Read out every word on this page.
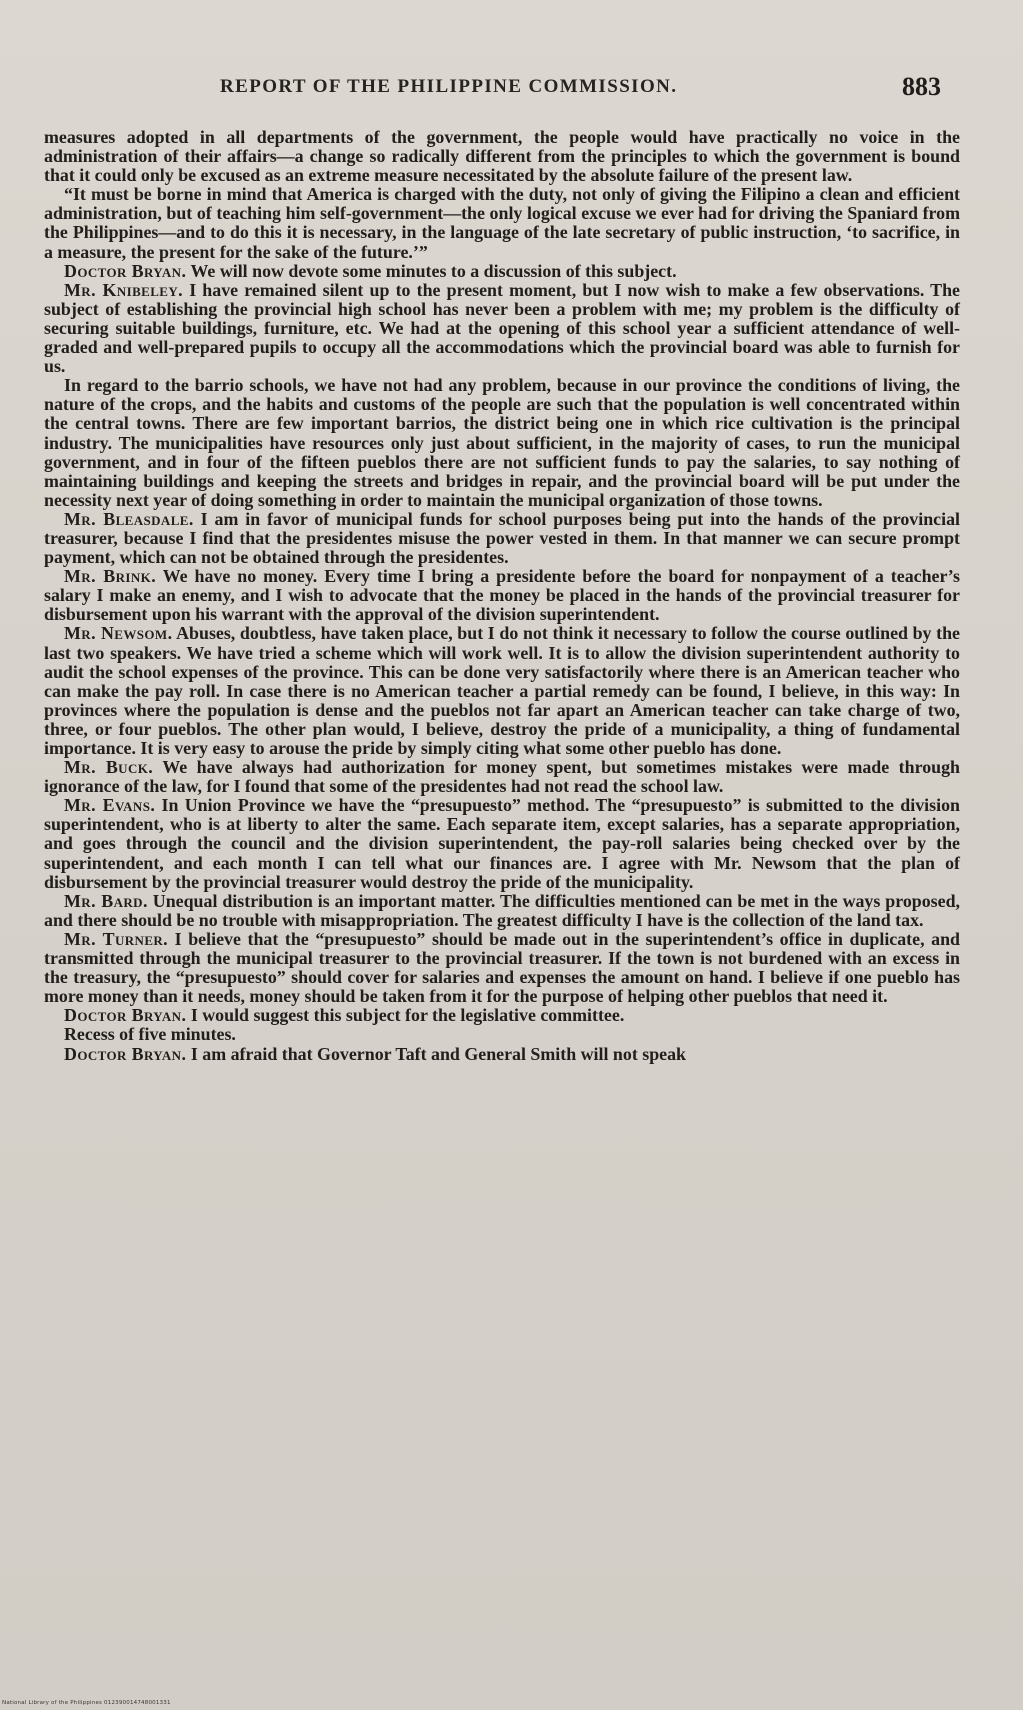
REPORT OF THE PHILIPPINE COMMISSION.	883

measures adopted in all departments of the government, the people would have practically no voice in the administration of their affairs—a change so radically different from the principles to which the government is bound that it could only be excused as an extreme measure necessitated by the absolute failure of the present law.

“It must be borne in mind that America is charged with the duty, not only of giving the Filipino a clean and efficient administration, but of teaching him self-government—the only logical excuse we ever had for driving the Spaniard from the Philippines—and to do this it is necessary, in the language of the late secretary of public instruction, ‘to sacrifice, in a measure, the present for the sake of the future.’”

Doctor Bryan. We will now devote some minutes to a discussion of this subject.

Mr. Knibeley. I have remained silent up to the present moment, but I now wish to make a few observations. The subject of establishing the provincial high school has never been a problem with me; my problem is the difficulty of securing suitable buildings, furniture, etc. We had at the opening of this school year a sufficient attendance of well-graded and well-prepared pupils to occupy all the accommodations which the provincial board was able to furnish for us.

In regard to the barrio schools, we have not had any problem, because in our province the conditions of living, the nature of the crops, and the habits and customs of the people are such that the population is well concentrated within the central towns. There are few important barrios, the district being one in which rice cultivation is the principal industry. The municipalities have resources only just about sufficient, in the majority of cases, to run the municipal government, and in four of the fifteen pueblos there are not sufficient funds to pay the salaries, to say nothing of maintaining buildings and keeping the streets and bridges in repair, and the provincial board will be put under the necessity next year of doing something in order to maintain the municipal organization of those towns.

Mr. Bleasdale. I am in favor of municipal funds for school purposes being put into the hands of the provincial treasurer, because I find that the presidentes misuse the power vested in them. In that manner we can secure prompt payment, which can not be obtained through the presidentes.

Mr. Brink. We have no money. Every time I bring a presidente before the board for nonpayment of a teacher’s salary I make an enemy, and I wish to advocate that the money be placed in the hands of the provincial treasurer for disbursement upon his warrant with the approval of the division superintendent.

Mr. Newsom. Abuses, doubtless, have taken place, but I do not think it necessary to follow the course outlined by the last two speakers. We have tried a scheme which will work well. It is to allow the division superintendent authority to audit the school expenses of the province. This can be done very satisfactorily where there is an American teacher who can make the pay roll. In case there is no American teacher a partial remedy can be found, I believe, in this way: In provinces where the population is dense and the pueblos not far apart an American teacher can take charge of two, three, or four pueblos. The other plan would, I believe, destroy the pride of a municipality, a thing of fundamental importance. It is very easy to arouse the pride by simply citing what some other pueblo has done.

Mr. Buck. We have always had authorization for money spent, but sometimes mistakes were made through ignorance of the law, for I found that some of the presidentes had not read the school law.

Mr. Evans. In Union Province we have the “presupuesto” method. The “presupuesto” is submitted to the division superintendent, who is at liberty to alter the same. Each separate item, except salaries, has a separate appropriation, and goes through the council and the division superintendent, the pay-roll salaries being checked over by the superintendent, and each month I can tell what our finances are. I agree with Mr. Newsom that the plan of disbursement by the provincial treasurer would destroy the pride of the municipality.

Mr. Bard. Unequal distribution is an important matter. The difficulties mentioned can be met in the ways proposed, and there should be no trouble with misappropriation. The greatest difficulty I have is the collection of the land tax.

Mr. Turner. I believe that the “presupuesto” should be made out in the superintendent’s office in duplicate, and transmitted through the municipal treasurer to the provincial treasurer. If the town is not burdened with an excess in the treasury, the “presupuesto” should cover for salaries and expenses the amount on hand. I believe if one pueblo has more money than it needs, money should be taken from it for the purpose of helping other pueblos that need it.

Doctor Bryan. I would suggest this subject for the legislative committee.

Recess of five minutes.

Doctor Bryan. I am afraid that Governor Taft and General Smith will not speak

National Library of the Philippines 012390014748001331
